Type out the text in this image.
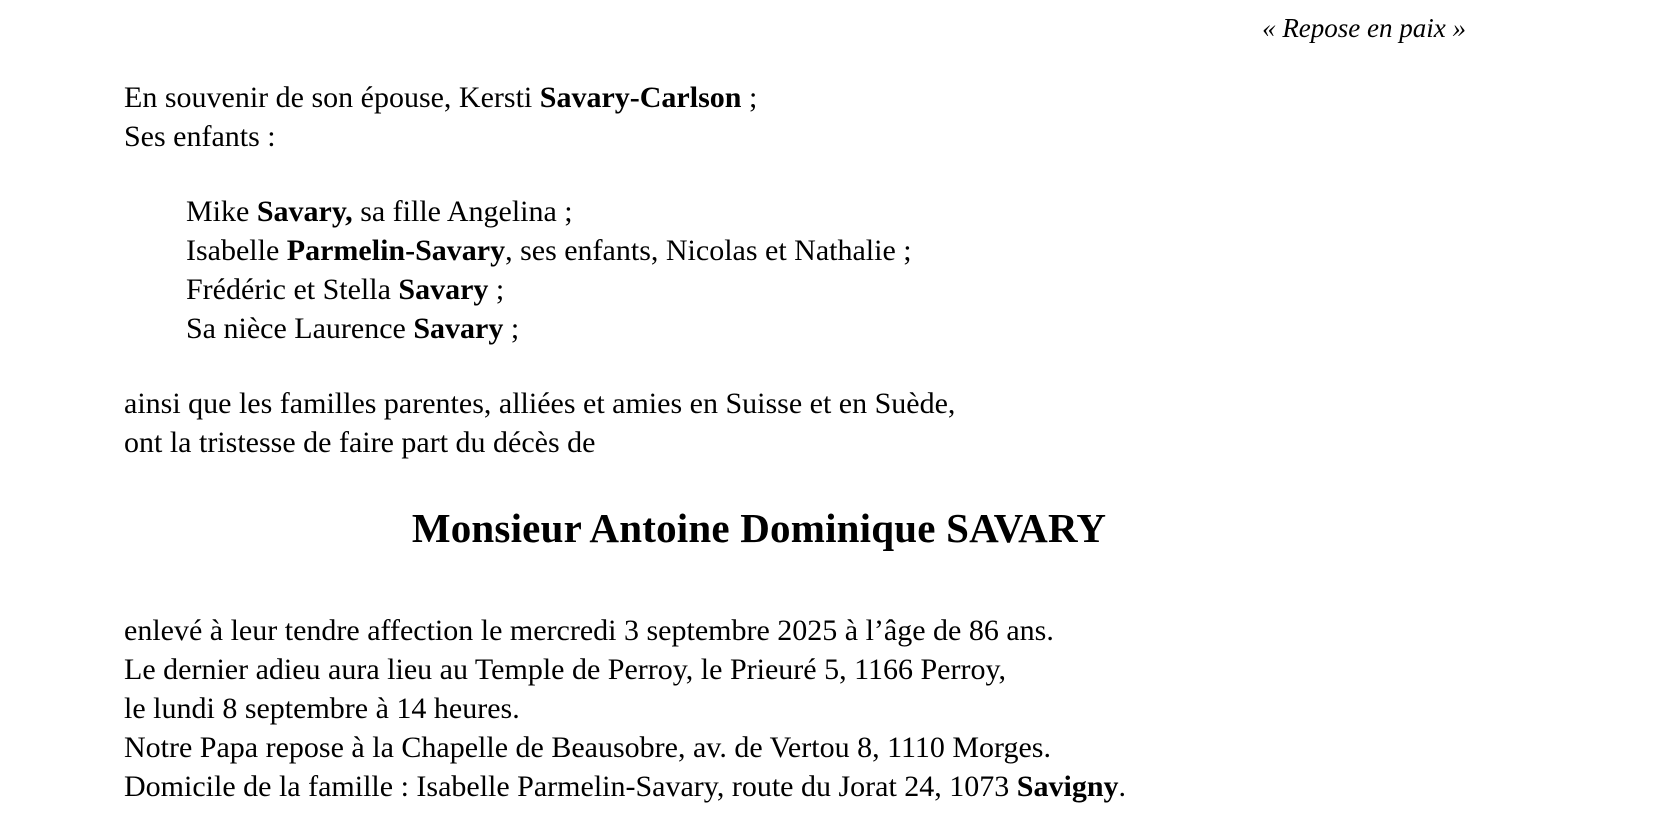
« Repose en paix »
En souvenir de son épouse, Kersti Savary-Carlson ;
Ses enfants :
Mike Savary, sa fille Angelina ;
Isabelle Parmelin-Savary, ses enfants, Nicolas et Nathalie ;
Frédéric et Stella Savary ;
Sa nièce Laurence Savary ;
ainsi que les familles parentes, alliées et amies en Suisse et en Suède,
ont la tristesse de faire part du décès de
Monsieur Antoine Dominique SAVARY
enlevé à leur tendre affection le mercredi 3 septembre 2025 à l’âge de 86 ans.
Le dernier adieu aura lieu au Temple de Perroy, le Prieuré 5, 1166 Perroy,
le lundi 8 septembre à 14 heures.
Notre Papa repose à la Chapelle de Beausobre, av. de Vertou 8, 1110 Morges.
Domicile de la famille : Isabelle Parmelin-Savary, route du Jorat 24, 1073 Savigny.
